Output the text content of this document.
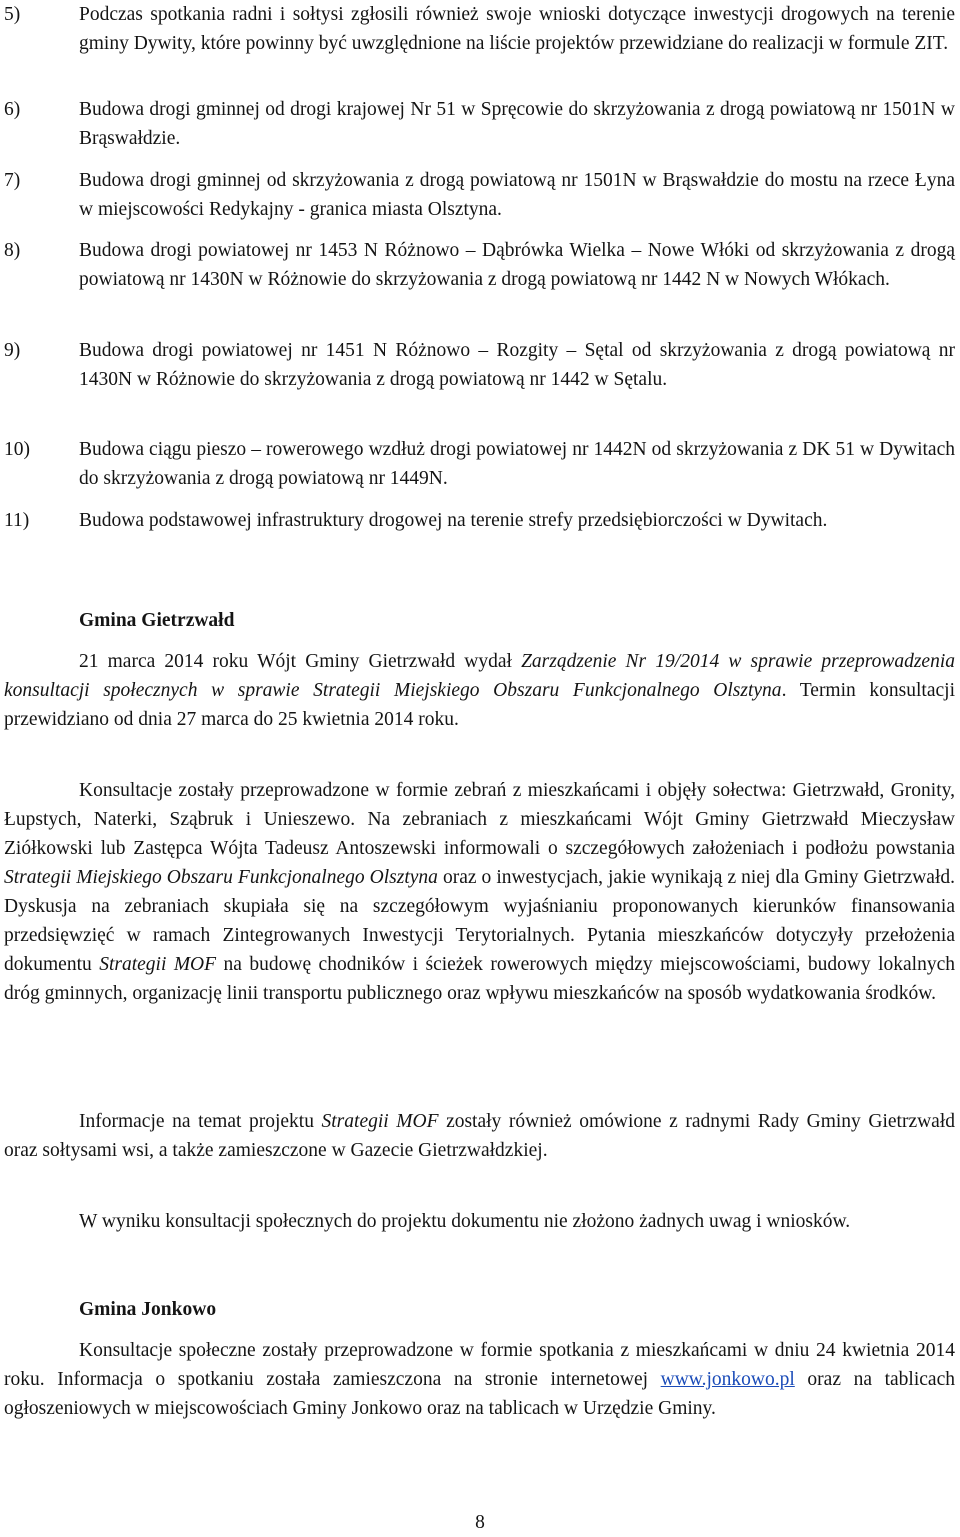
5)	Podczas spotkania radni i sołtysi zgłosili również swoje wnioski dotyczące inwestycji drogowych na terenie gminy Dywity, które powinny być uwzględnione na liście projektów przewidziane do realizacji w formule ZIT.
6)	Budowa drogi gminnej od drogi krajowej Nr 51 w Spręcowie do skrzyżowania z drogą powiatową nr 1501N w Brąswałdzie.
7)	Budowa drogi gminnej od skrzyżowania z drogą powiatową nr 1501N w Brąswałdzie do mostu na rzece Łyna w miejscowości Redykajny - granica miasta Olsztyna.
8)	Budowa drogi powiatowej nr 1453 N Różnowo – Dąbrówka Wielka – Nowe Włóki od skrzyżowania z drogą powiatową nr 1430N w Różnowie do skrzyżowania z drogą powiatową nr 1442 N w Nowych Włókach.
9)	Budowa drogi powiatowej nr 1451 N Różnowo – Rozgity – Sętal od skrzyżowania z drogą powiatową nr 1430N w Różnowie do skrzyżowania z drogą powiatową nr 1442 w Sętalu.
10)	Budowa ciągu pieszo – rowerowego wzdłuż drogi powiatowej nr 1442N od skrzyżowania z DK 51 w Dywitach do skrzyżowania z drogą powiatową nr 1449N.
11)	Budowa podstawowej infrastruktury drogowej na terenie strefy przedsiębiorczości w Dywitach.
Gmina Gietrzwałd

21 marca 2014 roku Wójt Gminy Gietrzwałd wydał Zarządzenie Nr 19/2014 w sprawie przeprowadzenia konsultacji społecznych w sprawie Strategii Miejskiego Obszaru Funkcjonalnego Olsztyna. Termin konsultacji przewidziano od dnia 27 marca do 25 kwietnia 2014 roku.

Konsultacje zostały przeprowadzone w formie zebrań z mieszkańcami i objęły sołectwa: Gietrzwałd, Gronity, Łupstych, Naterki, Sząbruk i Unieszewo. Na zebraniach z mieszkańcami Wójt Gminy Gietrzwałd Mieczysław Ziółkowski lub Zastępca Wójta Tadeusz Antoszewski informowali o szczegółowych założeniach i podłożu powstania Strategii Miejskiego Obszaru Funkcjonalnego Olsztyna oraz o inwestycjach, jakie wynikają z niej dla Gminy Gietrzwałd. Dyskusja na zebraniach skupiała się na szczegółowym wyjaśnianiu proponowanych kierunków finansowania przedsięwzięć w ramach Zintegrowanych Inwestycji Terytorialnych. Pytania mieszkańców dotyczyły przełożenia dokumentu Strategii MOF na budowę chodników i ścieżek rowerowych między miejscowościami, budowy lokalnych dróg gminnych, organizację linii transportu publicznego oraz wpływu mieszkańców na sposób wydatkowania środków.

Informacje na temat projektu Strategii MOF zostały również omówione z radnymi Rady Gminy Gietrzwałd oraz sołtysami wsi, a także zamieszczone w Gazecie Gietrzwałdzkiej.

W wyniku konsultacji społecznych do projektu dokumentu nie złożono żadnych uwag i wniosków.

Gmina Jonkowo

Konsultacje społeczne zostały przeprowadzone w formie spotkania z mieszkańcami w dniu 24 kwietnia 2014 roku. Informacja o spotkaniu została zamieszczona na stronie internetowej www.jonkowo.pl oraz na tablicach ogłoszeniowych w miejscowościach Gminy Jonkowo oraz na tablicach w Urzędzie Gminy.

8
